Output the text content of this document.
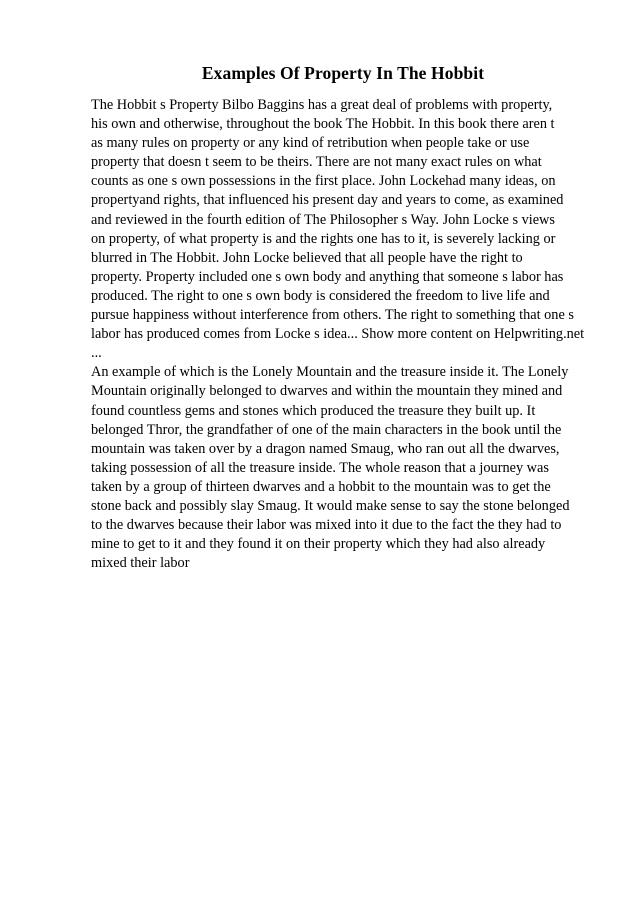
Examples Of Property In The Hobbit
The Hobbit s Property Bilbo Baggins has a great deal of problems with property,
his own and otherwise, throughout the book The Hobbit. In this book there aren t
as many rules on property or any kind of retribution when people take or use
property that doesn t seem to be theirs. There are not many exact rules on what
counts as one s own possessions in the first place. John Lockehad many ideas, on
propertyand rights, that influenced his present day and years to come, as examined
and reviewed in the fourth edition of The Philosopher s Way. John Locke s views
on property, of what property is and the rights one has to it, is severely lacking or
blurred in The Hobbit. John Locke believed that all people have the right to
property. Property included one s own body and anything that someone s labor has
produced. The right to one s own body is considered the freedom to live life and
pursue happiness without interference from others. The right to something that one s
labor has produced comes from Locke s idea... Show more content on Helpwriting.net
...
An example of which is the Lonely Mountain and the treasure inside it. The Lonely
Mountain originally belonged to dwarves and within the mountain they mined and
found countless gems and stones which produced the treasure they built up. It
belonged Thror, the grandfather of one of the main characters in the book until the
mountain was taken over by a dragon named Smaug, who ran out all the dwarves,
taking possession of all the treasure inside. The whole reason that a journey was
taken by a group of thirteen dwarves and a hobbit to the mountain was to get the
stone back and possibly slay Smaug. It would make sense to say the stone belonged
to the dwarves because their labor was mixed into it due to the fact the they had to
mine to get to it and they found it on their property which they had also already
mixed their labor
